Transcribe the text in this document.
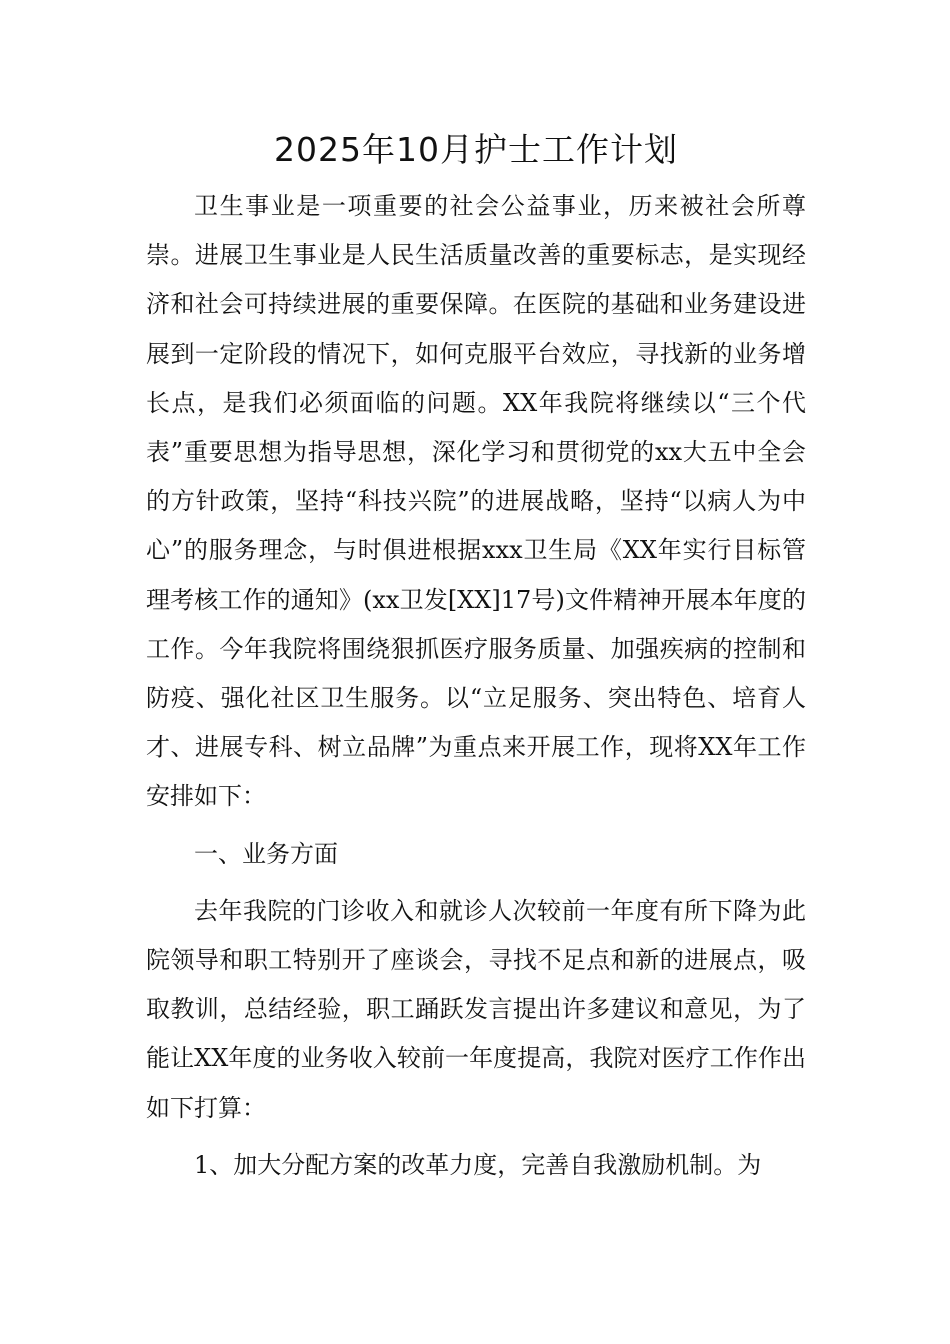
2025年10月护士工作计划

卫生事业是一项重要的社会公益事业，历来被社会所尊崇。进展卫生事业是人民生活质量改善的重要标志，是实现经济和社会可持续进展的重要保障。在医院的基础和业务建设进展到一定阶段的情况下，如何克服平台效应，寻找新的业务增长点，是我们必须面临的问题。XX年我院将继续以“三个代表”重要思想为指导思想，深化学习和贯彻党的xx大五中全会的方针政策，坚持“科技兴院”的进展战略，坚持“以病人为中心”的服务理念，与时俱进根据xxx卫生局《XX年实行目标管理考核工作的通知》(xx卫发[XX]17号)文件精神开展本年度的工作。今年我院将围绕狠抓医疗服务质量、加强疾病的控制和防疫、强化社区卫生服务。以“立足服务、突出特色、培育人才、进展专科、树立品牌”为重点来开展工作，现将XX年工作安排如下：

一、业务方面

去年我院的门诊收入和就诊人次较前一年度有所下降为此院领导和职工特别开了座谈会，寻找不足点和新的进展点，吸取教训，总结经验，职工踊跃发言提出许多建议和意见，为了能让XX年度的业务收入较前一年度提高，我院对医疗工作作出如下打算：

1、加大分配方案的改革力度，完善自我激励机制。为
